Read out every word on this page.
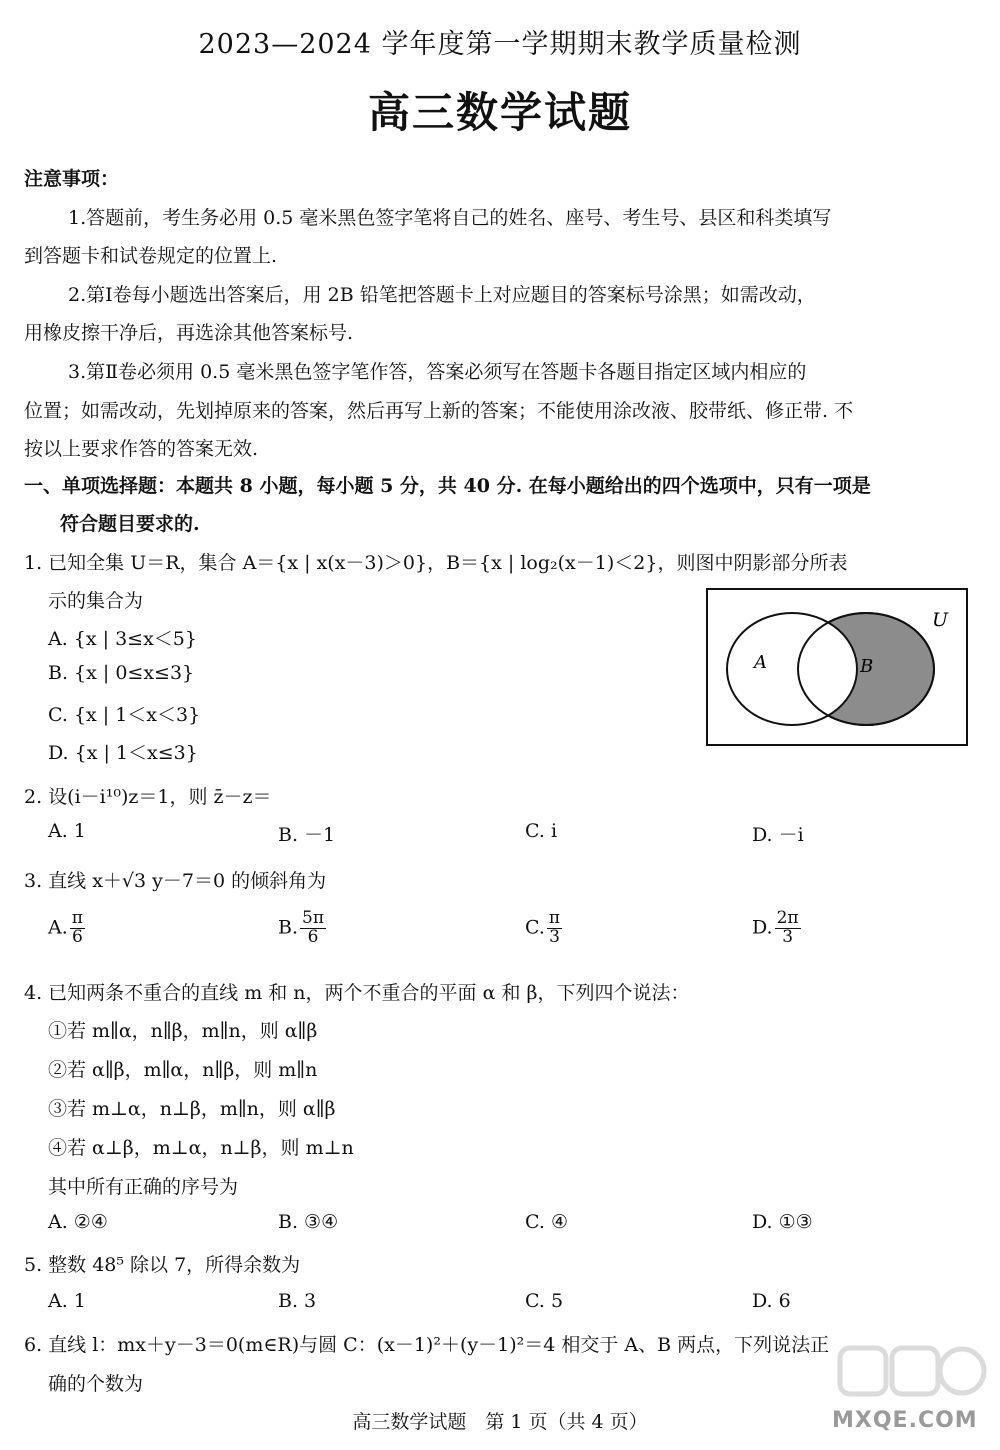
2023—2024 学年度第一学期期末教学质量检测
高三数学试题
注意事项：
1.答题前，考生务必用 0.5 毫米黑色签字笔将自己的姓名、座号、考生号、县区和科类填写
到答题卡和试卷规定的位置上.
2.第Ⅰ卷每小题选出答案后，用 2B 铅笔把答题卡上对应题目的答案标号涂黑；如需改动，
用橡皮擦干净后，再选涂其他答案标号.
3.第Ⅱ卷必须用 0.5 毫米黑色签字笔作答，答案必须写在答题卡各题目指定区域内相应的
位置；如需改动，先划掉原来的答案，然后再写上新的答案；不能使用涂改液、胶带纸、修正带. 不
按以上要求作答的答案无效.
一、单项选择题：本题共 8 小题，每小题 5 分，共 40 分. 在每小题给出的四个选项中，只有一项是
符合题目要求的.
1. 已知全集 U＝R，集合 A＝{x | x(x－3)＞0}，B＝{x | log₂(x－1)＜2}，则图中阴影部分所表
示的集合为
A. {x | 3≤x＜5}
B. {x | 0≤x≤3}
C. {x | 1＜x＜3}
D. {x | 1＜x≤3}
A	B
U
2. 设(i－i¹⁰)z＝1，则 z̄－z＝
A. 1	B. －1	C. i	D. －i
3. 直线 x＋√3 y－7＝0 的倾斜角为
A. $\frac{\pi}{6}$	B. $\frac{5\pi}{6}$	C. $\frac{\pi}{3}$	D. $\frac{2\pi}{3}$
4. 已知两条不重合的直线 m 和 n，两个不重合的平面 α 和 β，下列四个说法：
①若 m∥α，n∥β，m∥n，则 α∥β
②若 α∥β，m∥α，n∥β，则 m∥n
③若 m⊥α，n⊥β，m∥n，则 α∥β
④若 α⊥β，m⊥α，n⊥β，则 m⊥n
其中所有正确的序号为
A. ②④	B. ③④	C. ④	D. ①③
5. 整数 48⁵ 除以 7，所得余数为
A. 1	B. 3	C. 5	D. 6
6. 直线 l：mx＋y－3＝0(m∈R)与圆 C：(x－1)²＋(y－1)²＝4 相交于 A、B 两点，下列说法正
确的个数为
高三数学试题　第 1 页（共 4 页）	MXQE.COM
